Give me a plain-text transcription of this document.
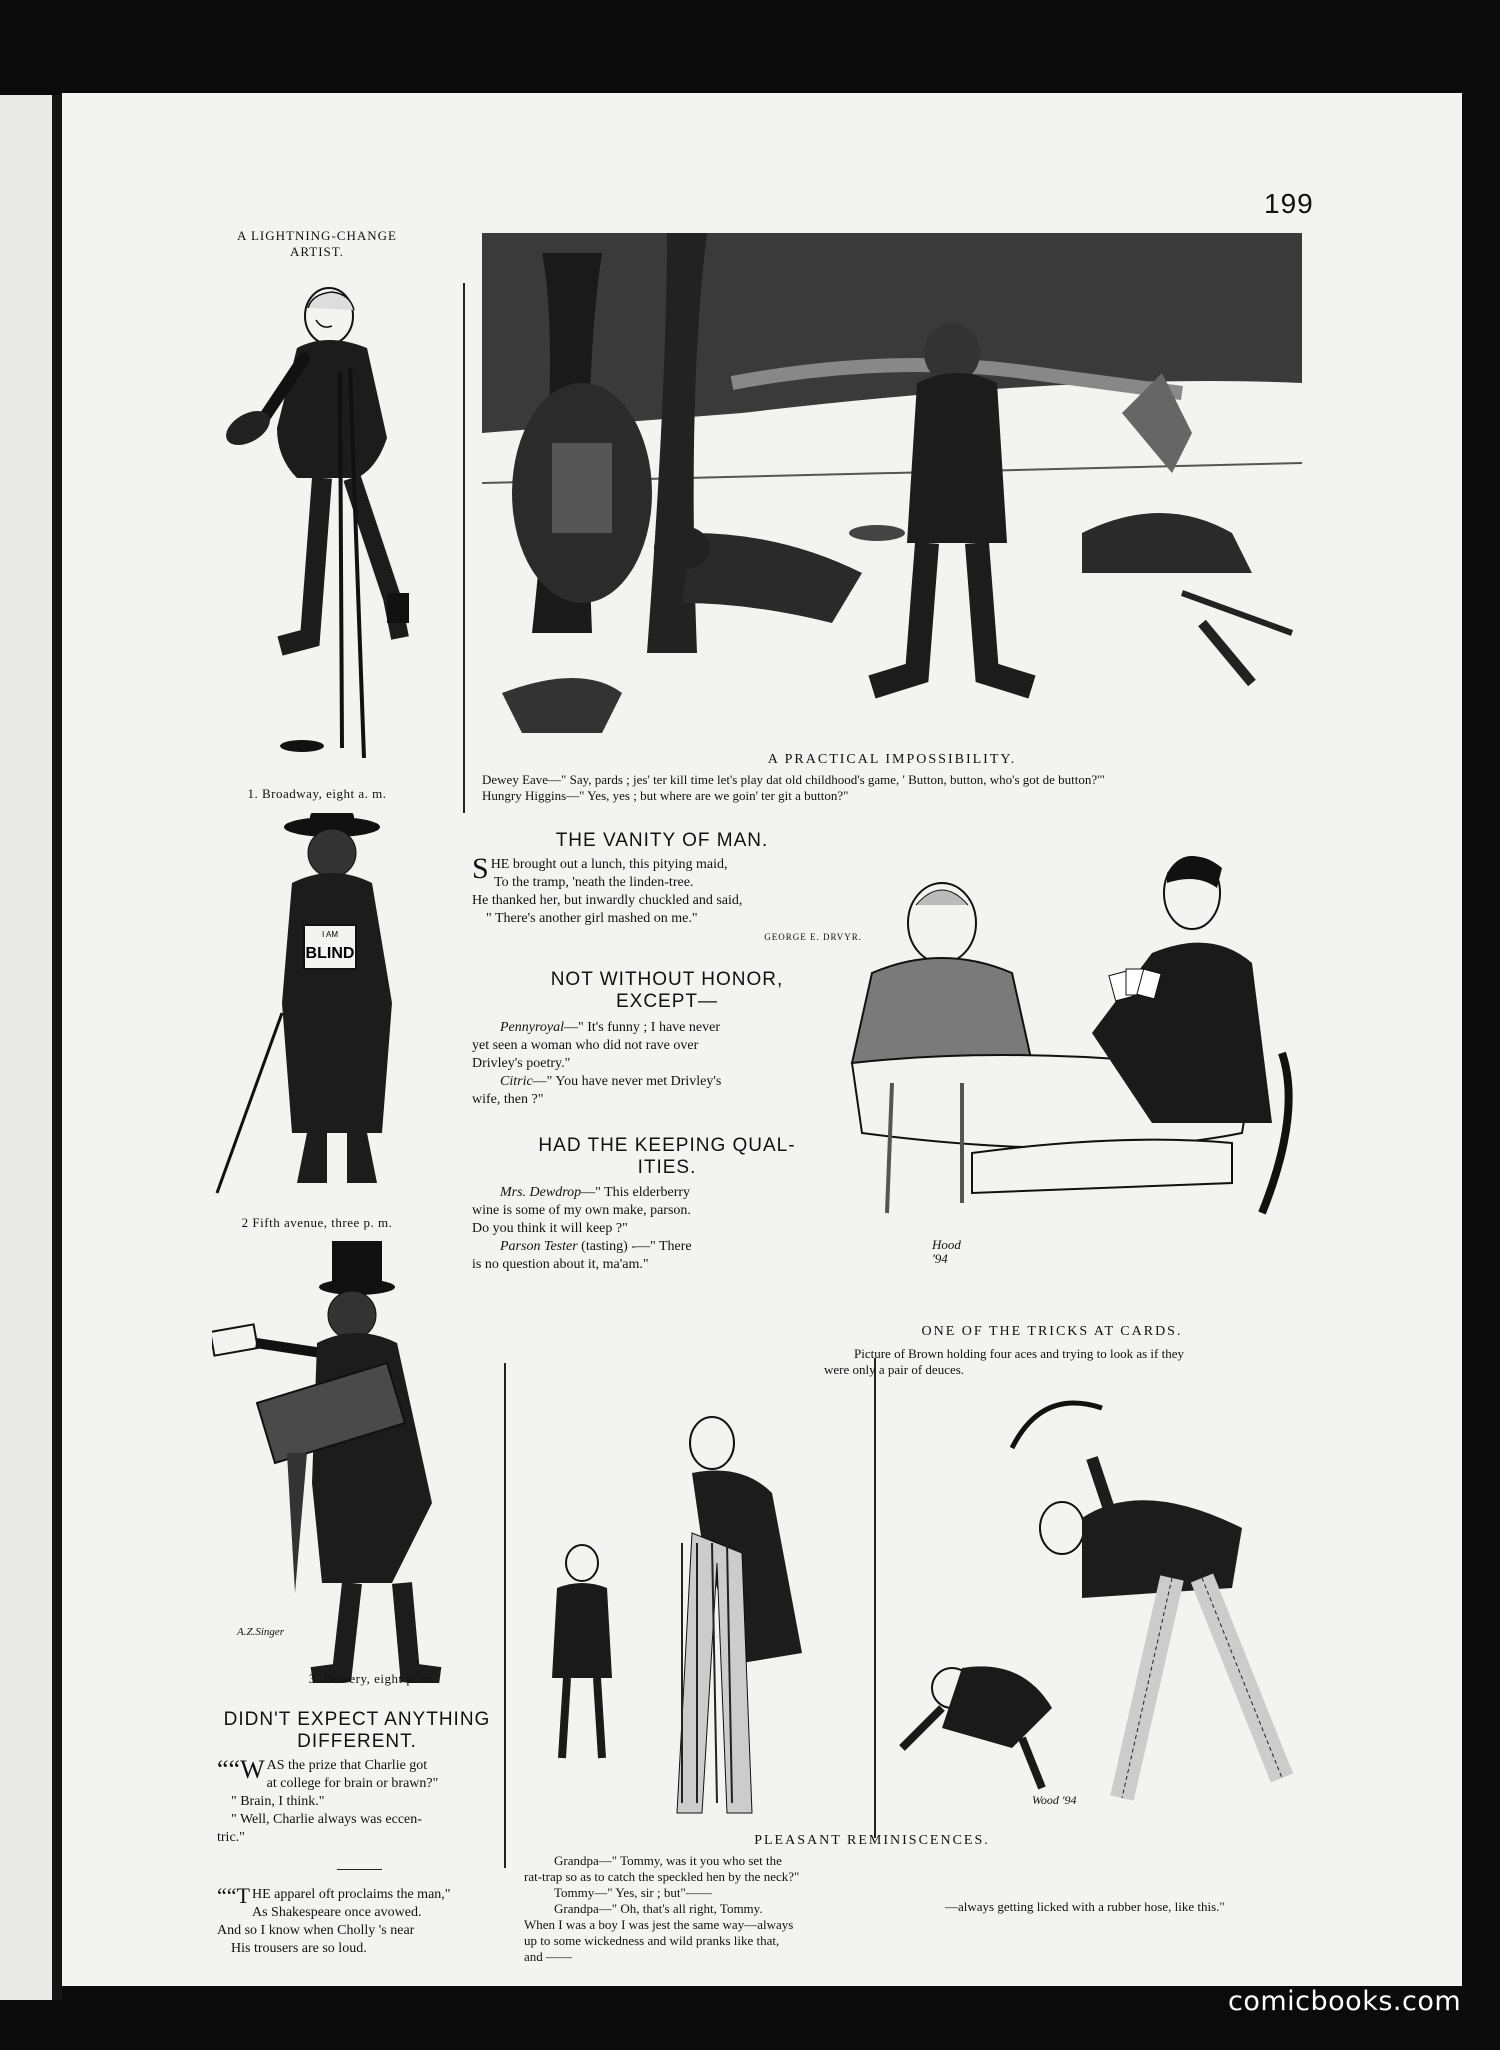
199
A LIGHTNING-CHANGE
ARTIST.
1. Broadway, eight a. m.
I AM
BLIND
2 Fifth avenue, three p. m.
A.Z.Singer
3. Bowery, eight p. m.
A PRACTICAL IMPOSSIBILITY.
Dewey Eave—" Say, pards ; jes' ter kill time let's play dat old childhood's game, ' Button, button, who's got de button?'"
Hungry Higgins—" Yes, yes ; but where are we goin' ter git a button?"
THE VANITY OF MAN.

SHE brought out a lunch, this pitying maid,

To the tramp, 'neath the linden-tree.

He thanked her, but inwardly chuckled and said,

" There's another girl mashed on me."

GEORGE E. DRVYR.
NOT WITHOUT HONOR,
EXCEPT—

Pennyroyal—" It's funny ; I have never

yet seen a woman who did not rave over

Drivley's poetry."

Citric—" You have never met Drivley's

wife, then ?"

HAD THE KEEPING QUAL-
ITIES.

Mrs. Dewdrop—" This elderberry

wine is some of my own make, parson.

Do you think it will keep ?"

Parson Tester (tasting) -—" There

is no question about it, ma'am."

Hood
'94
ONE OF THE TRICKS AT CARDS.
Picture of Brown holding four aces and trying to look as if they
were only a pair of deuces.
DIDN'T EXPECT ANYTHING
DIFFERENT.

““W AS the prize that Charlie got

at college for brain or brawn?"

" Brain, I think."

" Well, Charlie always was eccen-

tric."

““T HE apparel oft proclaims the man,"

As Shakespeare once avowed.

And so I know when Cholly 's near

His trousers are so loud.

Wood '94
PLEASANT REMINISCENCES.
Grandpa—" Tommy, was it you who set the
rat-trap so as to catch the speckled hen by the neck?"
Tommy—" Yes, sir ; but"——
Grandpa—" Oh, that's all right, Tommy.
When I was a boy I was jest the same way—always
up to some wickedness and wild pranks like that,
and ——
—always getting licked with a rubber hose, like this."
comicbooks.com
